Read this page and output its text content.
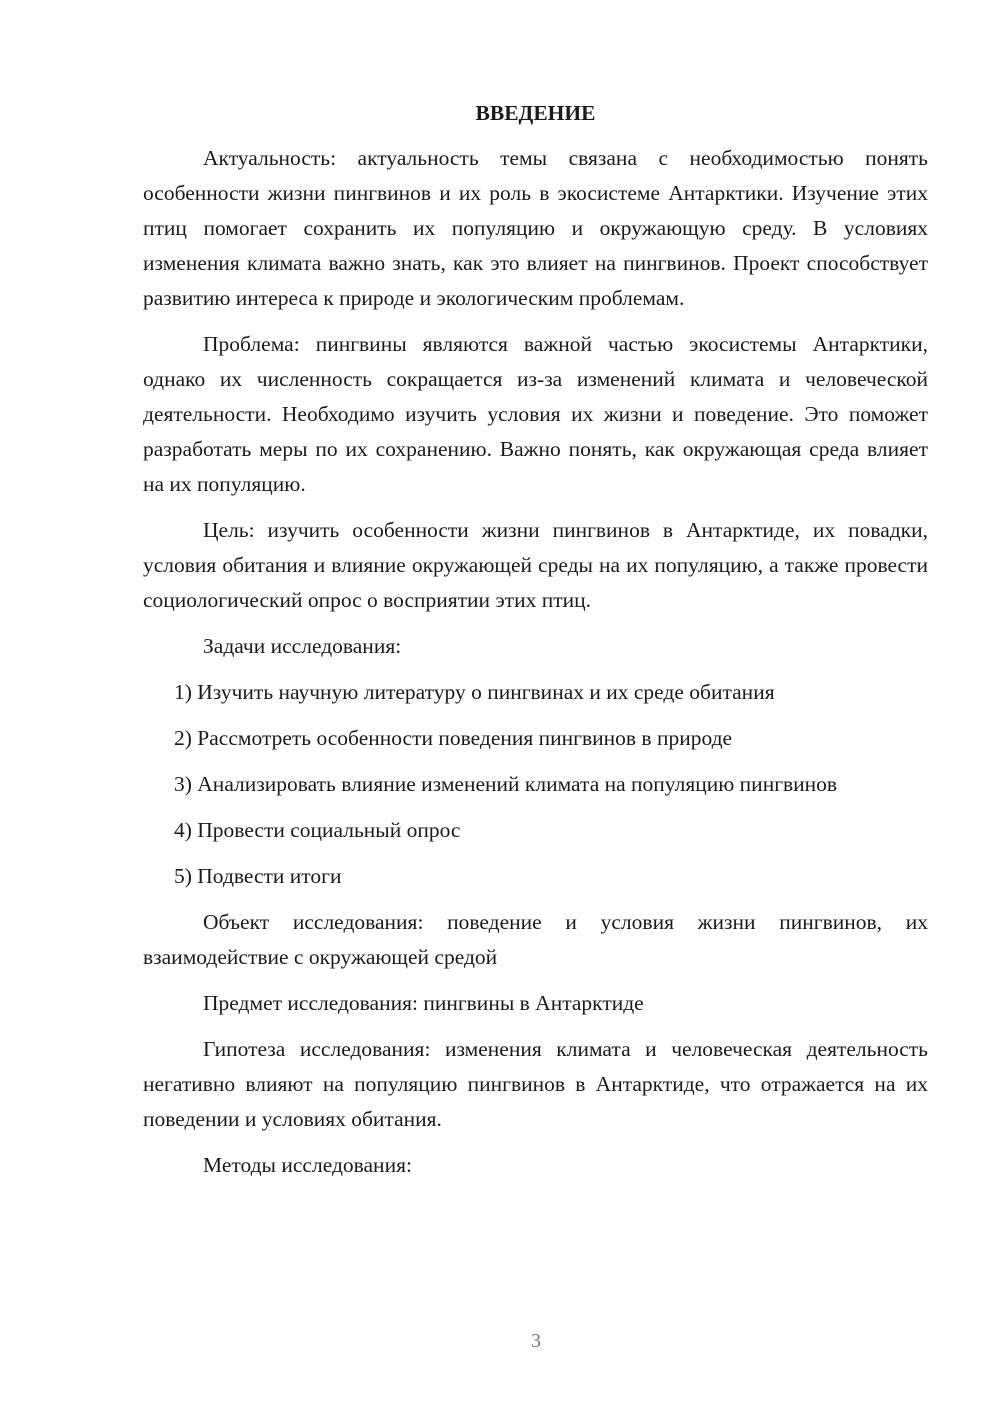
ВВЕДЕНИЕ

Актуальность: актуальность темы связана с необходимостью понять особенности жизни пингвинов и их роль в экосистеме Антарктики. Изучение этих птиц помогает сохранить их популяцию и окружающую среду. В условиях изменения климата важно знать, как это влияет на пингвинов. Проект способствует развитию интереса к природе и экологическим проблемам.

Проблема: пингвины являются важной частью экосистемы Антарктики, однако их численность сокращается из-за изменений климата и человеческой деятельности. Необходимо изучить условия их жизни и поведение. Это поможет разработать меры по их сохранению. Важно понять, как окружающая среда влияет на их популяцию.

Цель: изучить особенности жизни пингвинов в Антарктиде, их повадки, условия обитания и влияние окружающей среды на их популяцию, а также провести социологический опрос о восприятии этих птиц.

Задачи исследования:

1) Изучить научную литературу о пингвинах и их среде обитания

2) Рассмотреть особенности поведения пингвинов в природе

3) Анализировать влияние изменений климата на популяцию пингвинов

4) Провести социальный опрос

5) Подвести итоги

Объект исследования: поведение и условия жизни пингвинов, их взаимодействие с окружающей средой

Предмет исследования: пингвины в Антарктиде

Гипотеза исследования: изменения климата и человеческая деятельность негативно влияют на популяцию пингвинов в Антарктиде, что отражается на их поведении и условиях обитания.

Методы исследования:

3
